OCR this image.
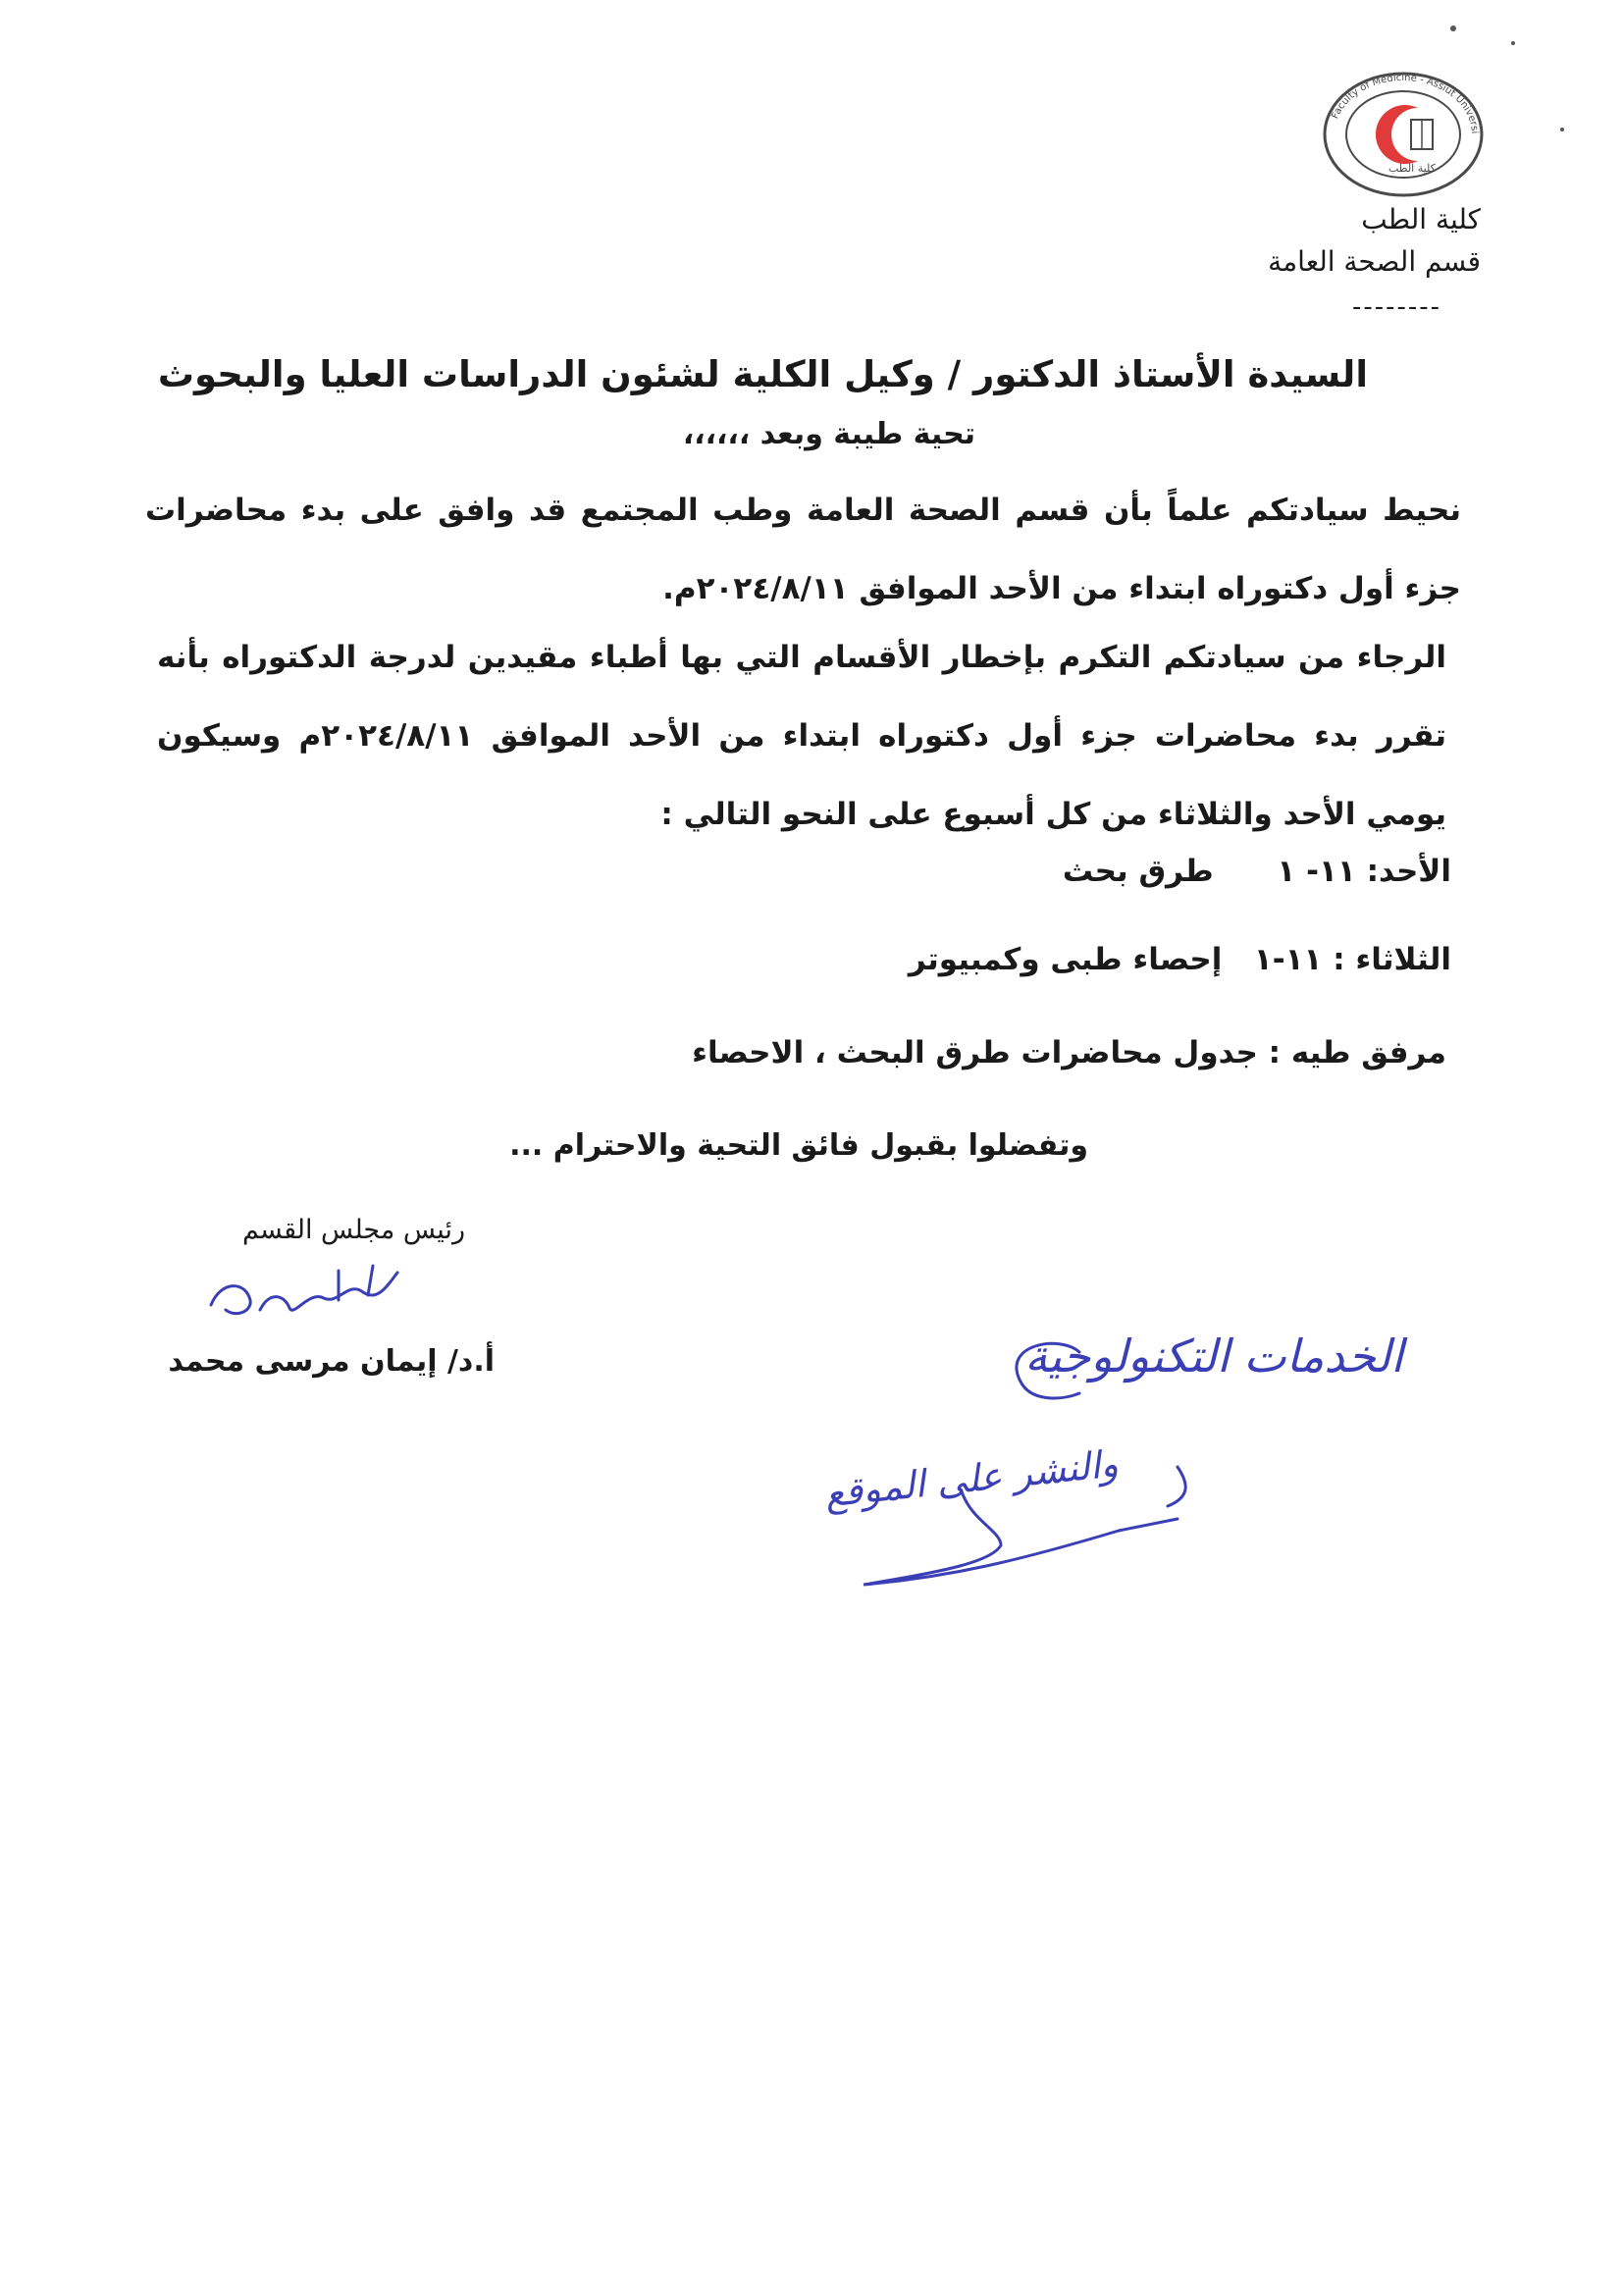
Faculty of Medicine - Assiut Universi
كلية الطب
كلية الطب
قسم الصحة العامة
--------
السيدة الأستاذ الدكتور / وكيل الكلية لشئون الدراسات العليا والبحوث
تحية طيبة وبعد ،،،،،،
نحيط سيادتكم علماً بأن قسم الصحة العامة وطب المجتمع قد وافق على بدء محاضرات جزء أول دكتوراه ابتداء من الأحد الموافق ٢٠٢٤/٨/١١م.
الرجاء من سيادتكم التكرم بإخطار الأقسام التي بها أطباء مقيدين لدرجة الدكتوراه بأنه تقرر بدء محاضرات جزء أول دكتوراه ابتداء من الأحد الموافق ٢٠٢٤/٨/١١م وسيكون يومي الأحد والثلاثاء من كل أسبوع على النحو التالي :
الأحد: ١١- ١      طرق بحث
الثلاثاء : ١١-١   إحصاء طبى وكمبيوتر
مرفق طيه : جدول محاضرات طرق البحث ، الاحصاء
وتفضلوا بقبول فائق التحية والاحترام ...
رئيس مجلس القسم
أ.د/ إيمان مرسى محمد	الخدمات التكنولوجية
والنشر على الموقع
